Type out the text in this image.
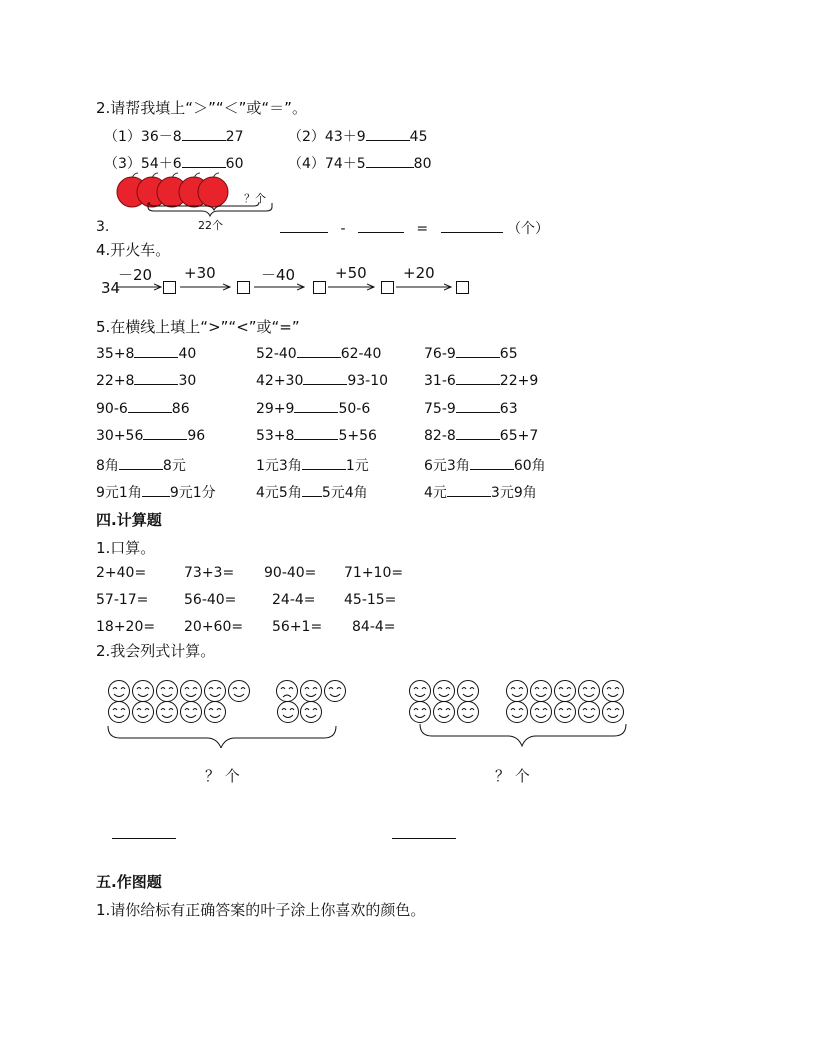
2.请帮我填上“＞”“＜”或“＝”。
（1）36－8	27	（2）43＋9	45
（3）54＋6	60	（4）74＋5	80
？个
22个
3.	-	=	（个）
4.开火车。
34
－20 +30	－40	+50 +20
5.在横线上填上“>”“<”或“=”
35+8	40	52-40	62-40	76-9	65
22+8	30	42+30	93-10	31-6	22+9
90-6	86	29+9	50-6	75-9	63
30+56	96	53+8	5+56	82-8	65+7
8角	8元	1元3角	1元	6元3角	60角
9元1角 9元1分	4元5角 5元4角	4元	3元9角
四.计算题
1.口算。
2+40=	73+3= 90-40= 71+10=
57-17=	56-40=	24-4= 45-15=
18+20= 20+60= 56+1= 84-4=
2.我会列式计算。
？ 个	？ 个
五.作图题
1.请你给标有正确答案的叶子涂上你喜欢的颜色。
